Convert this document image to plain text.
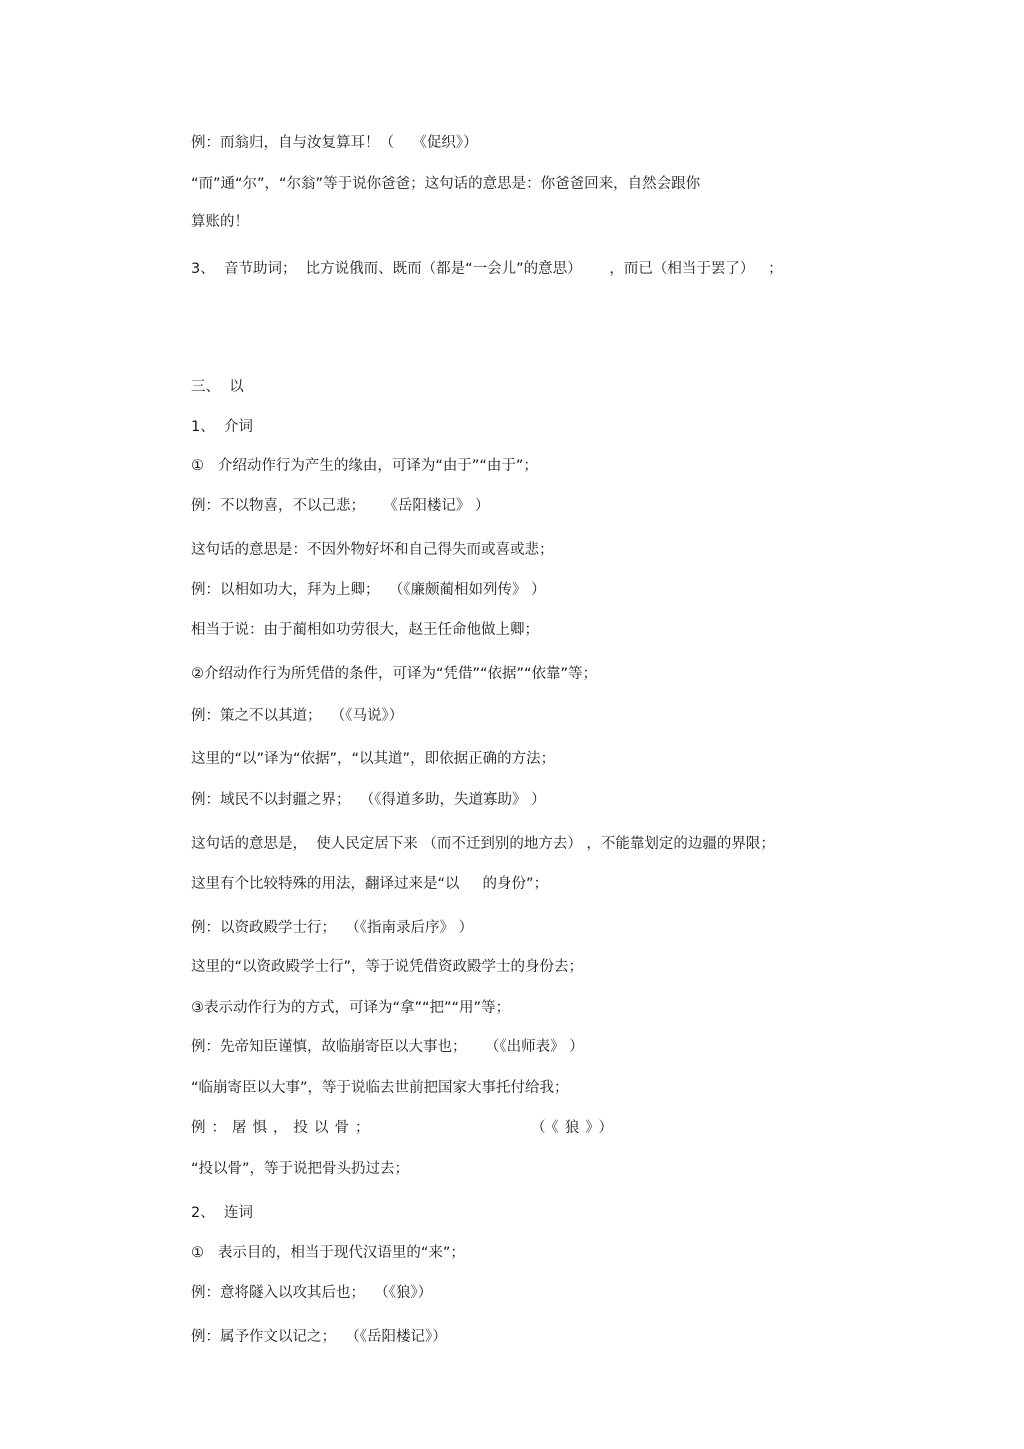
例：而翁归，自与汝复算耳！（    《促织》）
“而”通“尔”，“尔翁”等于说你爸爸；这句话的意思是：你爸爸回来，自然会跟你
算账的！
3、  音节助词；  比方说俄而、既而（都是“一会儿”的意思）      ，而已（相当于罢了）   ；
三、  以
1、  介词
①   介绍动作行为产生的缘由，可译为“由于”“由于”；
例：不以物喜，不以己悲；    《岳阳楼记》 ）
这句话的意思是：不因外物好坏和自己得失而或喜或悲；
例：以相如功大，拜为上卿；  （《廉颇蔺相如列传》 ）
相当于说：由于蔺相如功劳很大，赵王任命他做上卿；
②介绍动作行为所凭借的条件，可译为“凭借”“依据”“依靠”等；
例：策之不以其道；  （《马说》）
这里的“以”译为“依据”，“以其道”，即依据正确的方法；
例：域民不以封疆之界；  （《得道多助，失道寡助》 ）
这句话的意思是，  使人民定居下来 （而不迁到别的地方去） ，不能靠划定的边疆的界限；
这里有个比较特殊的用法，翻译过来是“以     的身份”；
例：以资政殿学士行；  （《指南录后序》 ）
这里的“以资政殿学士行”，等于说凭借资政殿学士的身份去；
③表示动作行为的方式，可译为“拿”“把”“用”等；
例：先帝知臣谨慎，故临崩寄臣以大事也；    （《出师表》 ）
“临崩寄臣以大事”，等于说临去世前把国家大事托付给我；
例：屠惧，投以骨；	（《狼》）
“投以骨”，等于说把骨头扔过去；
2、  连词
①   表示目的，相当于现代汉语里的“来”；
例：意将隧入以攻其后也；  （《狼》）
例：属予作文以记之；  （《岳阳楼记》）
